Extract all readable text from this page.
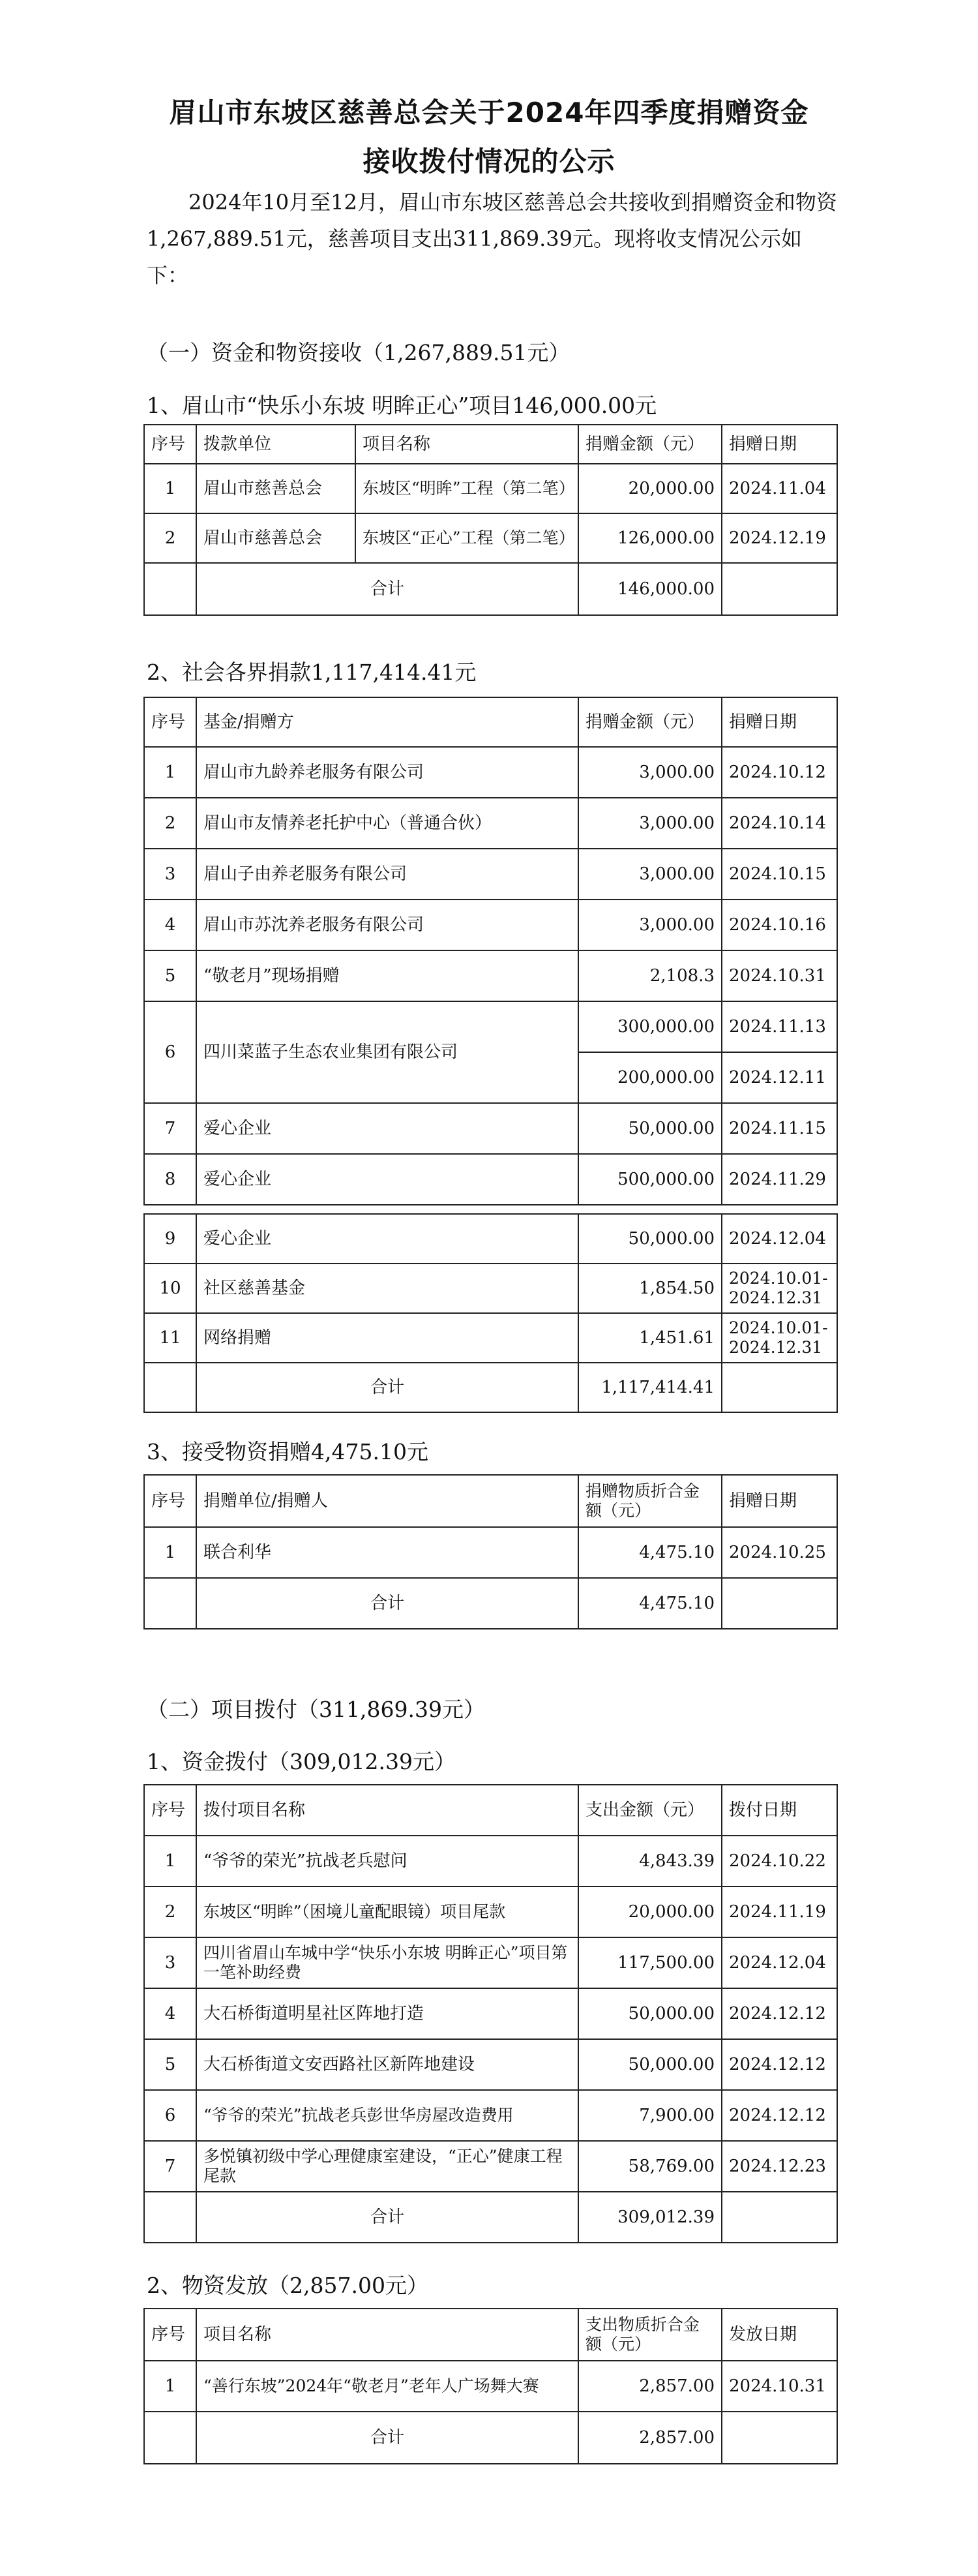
眉山市东坡区慈善总会关于2024年四季度捐赠资金
接收拨付情况的公示
2024年10月至12月，眉山市东坡区慈善总会共接收到捐赠资金和物资1,267,889.51元，慈善项目支出311,869.39元。现将收支情况公示如下：
（一）资金和物资接收（1,267,889.51元）
1、眉山市“快乐小东坡 明眸正心”项目146,000.00元
序号	拨款单位	项目名称	捐赠金额（元）	捐赠日期
1	眉山市慈善总会	东坡区“明眸”工程（第二笔）	20,000.00	2024.11.04
2	眉山市慈善总会	东坡区“正心”工程（第二笔）	126,000.00	2024.12.19
	合计		146,000.00	
2、社会各界捐款1,117,414.41元
序号	基金/捐赠方	捐赠金额（元）	捐赠日期
1	眉山市九龄养老服务有限公司	3,000.00	2024.10.12
2	眉山市友情养老托护中心（普通合伙）	3,000.00	2024.10.14
3	眉山子由养老服务有限公司	3,000.00	2024.10.15
4	眉山市苏沈养老服务有限公司	3,000.00	2024.10.16
5	“敬老月”现场捐赠	2,108.3	2024.10.31
6	四川菜蓝子生态农业集团有限公司	300,000.00	2024.11.13
		200,000.00	2024.12.11
7	爱心企业	50,000.00	2024.11.15
8	爱心企业	500,000.00	2024.11.29
9	爱心企业	50,000.00	2024.12.04
10	社区慈善基金	1,854.50	2024.10.01-2024.12.31
11	网络捐赠	1,451.61	2024.10.01-2024.12.31
	合计	1,117,414.41	
3、接受物资捐赠4,475.10元
序号	捐赠单位/捐赠人	捐赠物质折合金额（元）	捐赠日期
1	联合利华	4,475.10	2024.10.25
	合计	4,475.10	
（二）项目拨付（311,869.39元）
1、资金拨付（309,012.39元）
序号	拨付项目名称	支出金额（元）	拨付日期
1	“爷爷的荣光”抗战老兵慰问	4,843.39	2024.10.22
2	东坡区“明眸”（困境儿童配眼镜）项目尾款	20,000.00	2024.11.19
3	四川省眉山车城中学“快乐小东坡 明眸正心”项目第一笔补助经费	117,500.00	2024.12.04
4	大石桥街道明星社区阵地打造	50,000.00	2024.12.12
5	大石桥街道文安西路社区新阵地建设	50,000.00	2024.12.12
6	“爷爷的荣光”抗战老兵彭世华房屋改造费用	7,900.00	2024.12.12
7	多悦镇初级中学心理健康室建设，“正心”健康工程尾款	58,769.00	2024.12.23
	合计	309,012.39	
2、物资发放（2,857.00元）
序号	项目名称	支出物质折合金额（元）	发放日期
1	“善行东坡”2024年“敬老月”老年人广场舞大赛	2,857.00	2024.10.31
	合计	2,857.00	
